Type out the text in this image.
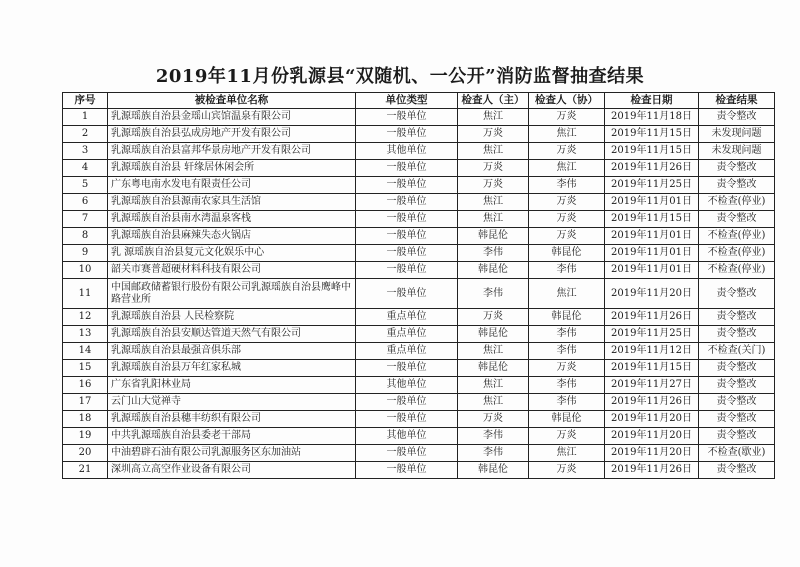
2019年11月份乳源县“双随机、一公开”消防监督抽查结果
序号	被检查单位名称	单位类型	检查人（主）	检查人（协）	检查日期	检查结果
1	乳源瑶族自治县金瑶山宾馆温泉有限公司	一般单位	焦江	万炎	2019年11月18日	责令整改
2	乳源瑶族自治县弘成房地产开发有限公司	一般单位	万炎	焦江	2019年11月15日	未发现问题
3	乳源瑶族自治县富邦华景房地产开发有限公司	其他单位	焦江	万炎	2019年11月15日	未发现问题
4	乳源瑶族自治县 轩缘居休闲会所	一般单位	万炎	焦江	2019年11月26日	责令整改
5	广东粤电南水发电有限责任公司	一般单位	万炎	李伟	2019年11月25日	责令整改
6	乳源瑶族自治县源南农家具生活馆	一般单位	焦江	万炎	2019年11月01日	不检查(停业)
7	乳源瑶族自治县南水湾温泉客栈	一般单位	焦江	万炎	2019年11月15日	责令整改
8	乳源瑶族自治县麻辣失态火锅店	一般单位	韩昆伦	万炎	2019年11月01日	不检查(停业)
9	乳 源瑶族自治县复元文化娱乐中心	一般单位	李伟	韩昆伦	2019年11月01日	不检查(停业)
10	韶关市赛普超硬材料科技有限公司	一般单位	韩昆伦	李伟	2019年11月01日	不检查(停业)
11	中国邮政储蓄银行股份有限公司乳源瑶族自治县鹰峰中路营业所	一般单位	李伟	焦江	2019年11月20日	责令整改
12	乳源瑶族自治县 人民检察院	重点单位	万炎	韩昆伦	2019年11月26日	责令整改
13	乳源瑶族自治县安顺达管道天然气有限公司	重点单位	韩昆伦	李伟	2019年11月25日	责令整改
14	乳源瑶族自治县最强音俱乐部	重点单位	焦江	李伟	2019年11月12日	不检查(关门)
15	乳源瑶族自治县万年红家私城	一般单位	韩昆伦	万炎	2019年11月15日	责令整改
16	广东省乳阳林业局	其他单位	焦江	李伟	2019年11月27日	责令整改
17	云门山大觉禅寺	一般单位	焦江	李伟	2019年11月26日	责令整改
18	乳源瑶族自治县穗丰纺织有限公司	一般单位	万炎	韩昆伦	2019年11月20日	责令整改
19	中共乳源瑶族自治县委老干部局	其他单位	李伟	万炎	2019年11月20日	责令整改
20	中油碧辟石油有限公司乳源服务区东加油站	一般单位	李伟	焦江	2019年11月20日	不检查(歇业)
21	深圳高立高空作业设备有限公司	一般单位	韩昆伦	万炎	2019年11月26日	责令整改
